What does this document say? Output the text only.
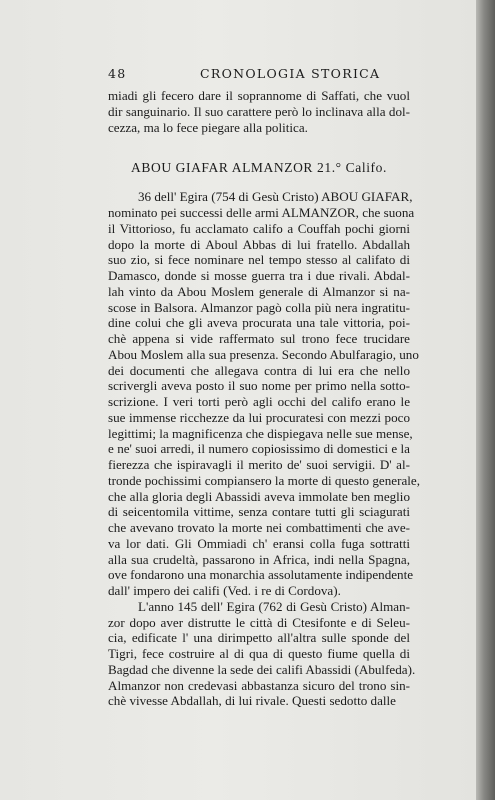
48	CRONOLOGIA STORICA
miadi gli fecero dare il soprannome di Saffati, che vuol
dir sanguinario. Il suo carattere però lo inclinava alla dol-
cezza, ma lo fece piegare alla politica.
ABOU GIAFAR ALMANZOR 21.° Califo.
36 dell' Egira (754 di Gesù Cristo) ABOU GIAFAR,
nominato pei successi delle armi ALMANZOR, che suona
il Vittorioso, fu acclamato califo a Couffah pochi giorni
dopo la morte di Aboul Abbas di lui fratello. Abdallah
suo zio, si fece nominare nel tempo stesso al califato di
Damasco, donde si mosse guerra tra i due rivali. Abdal-
lah vinto da Abou Moslem generale di Almanzor si na-
scose in Balsora. Almanzor pagò colla più nera ingratitu-
dine colui che gli aveva procurata una tale vittoria, poi-
chè appena si vide raffermato sul trono fece trucidare
Abou Moslem alla sua presenza. Secondo Abulfaragio, uno
dei documenti che allegava contra di lui era che nello
scrivergli aveva posto il suo nome per primo nella sotto-
scrizione. I veri torti però agli occhi del califo erano le
sue immense ricchezze da lui procuratesi con mezzi poco
legittimi; la magnificenza che dispiegava nelle sue mense,
e ne' suoi arredi, il numero copiosissimo di domestici e la
fierezza che ispiravagli il merito de' suoi servigii. D' al-
tronde pochissimi compiansero la morte di questo generale,
che alla gloria degli Abassidi aveva immolate ben meglio
di seicentomila vittime, senza contare tutti gli sciagurati
che avevano trovato la morte nei combattimenti che ave-
va lor dati. Gli Ommiadi ch' eransi colla fuga sottratti
alla sua crudeltà, passarono in Africa, indi nella Spagna,
ove fondarono una monarchia assolutamente indipendente
dall' impero dei califi (Ved. i re di Cordova).
L'anno 145 dell' Egira (762 di Gesù Cristo) Alman-
zor dopo aver distrutte le città di Ctesifonte e di Seleu-
cia, edificate l' una dirimpetto all'altra sulle sponde del
Tigri, fece costruire al di qua di questo fiume quella di
Bagdad che divenne la sede dei califi Abassidi (Abulfeda).
Almanzor non credevasi abbastanza sicuro del trono sin-
chè vivesse Abdallah, di lui rivale. Questi sedotto dalle
